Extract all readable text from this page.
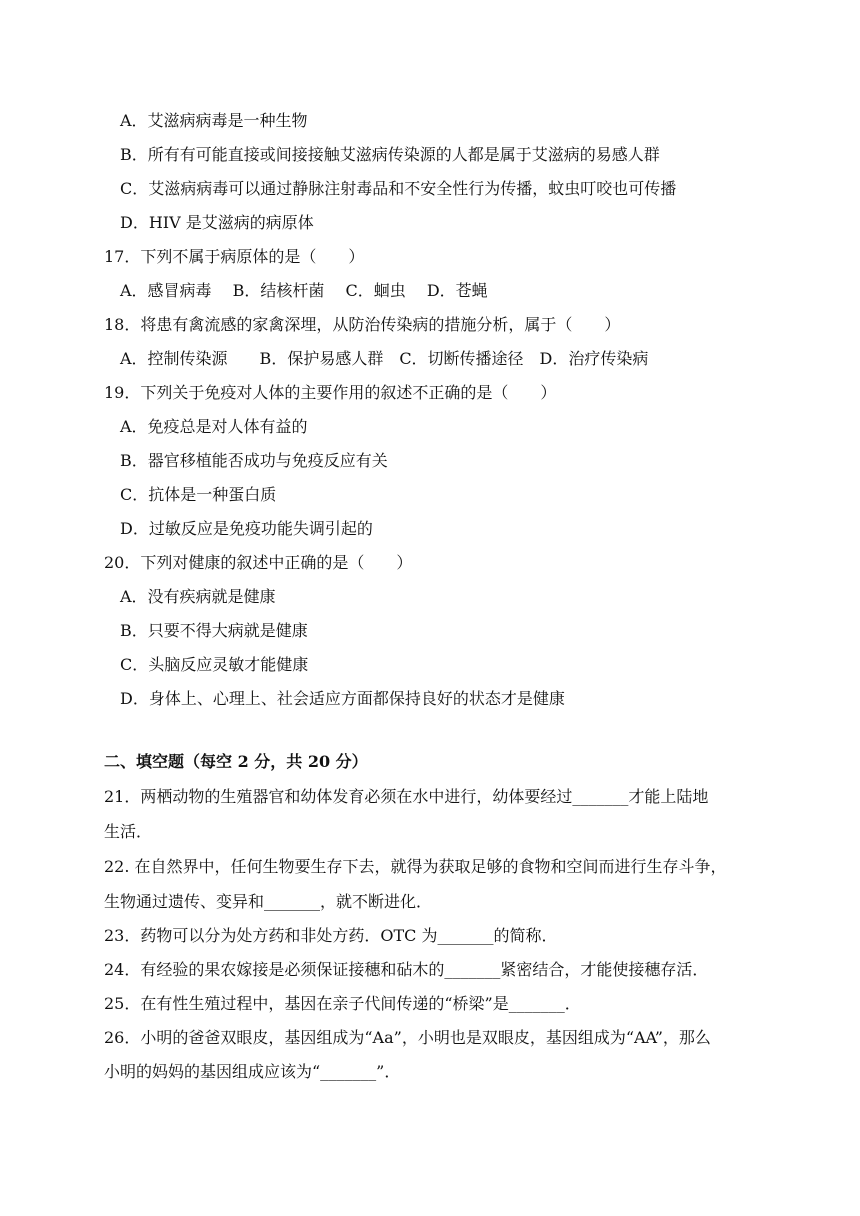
A．艾滋病病毒是一种生物
B．所有有可能直接或间接接触艾滋病传染源的人都是属于艾滋病的易感人群
C．艾滋病病毒可以通过静脉注射毒品和不安全性行为传播，蚊虫叮咬也可传播
D．HIV 是艾滋病的病原体
17．下列不属于病原体的是（　　）
A．感冒病毒　 B．结核杆菌　 C．蛔虫　 D．苍蝇
18．将患有禽流感的家禽深埋，从防治传染病的措施分析，属于（　　）
A．控制传染源　　B．保护易感人群　C．切断传播途径　D．治疗传染病
19．下列关于免疫对人体的主要作用的叙述不正确的是（　　）
A．免疫总是对人体有益的
B．器官移植能否成功与免疫反应有关
C．抗体是一种蛋白质
D．过敏反应是免疫功能失调引起的
20．下列对健康的叙述中正确的是（　　）
A．没有疾病就是健康
B．只要不得大病就是健康
C．头脑反应灵敏才能健康
D．身体上、心理上、社会适应方面都保持良好的状态才是健康
二、填空题（每空 2 分，共 20 分）
21．两栖动物的生殖器官和幼体发育必须在水中进行，幼体要经过_______才能上陆地
生活．
22. 在自然界中，任何生物要生存下去，就得为获取足够的食物和空间而进行生存斗争，
生物通过遗传、变异和_______，就不断进化．
23．药物可以分为处方药和非处方药．OTC 为_______的简称．
24．有经验的果农嫁接是必须保证接穗和砧木的_______紧密结合，才能使接穗存活．
25．在有性生殖过程中，基因在亲子代间传递的“桥梁”是_______．
26．小明的爸爸双眼皮，基因组成为“Aa”，小明也是双眼皮，基因组成为“AA”，那么
小明的妈妈的基因组成应该为“_______”．
